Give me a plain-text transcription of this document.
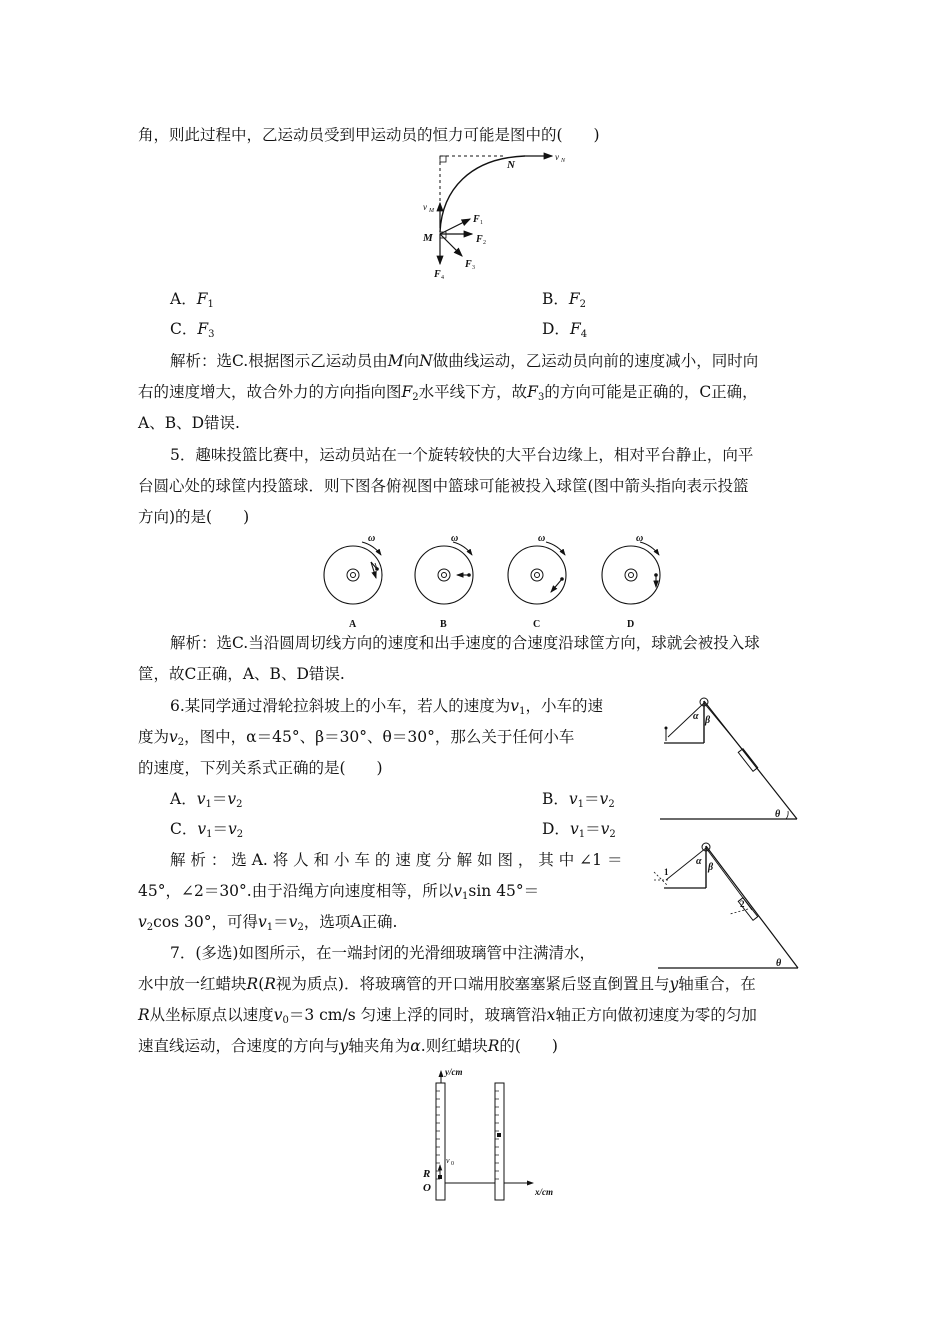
角，则此过程中，乙运动员受到甲运动员的恒力可能是图中的(　　)
v N
N
v M
M
F 1
F 2
F 3
F 4
A．$F_1$	B．$F_2$
C．$F_3$	D．$F_4$
解析：选C.根据图示乙运动员由M向N做曲线运动，乙运动员向前的速度减小，同时向
右的速度增大，故合外力的方向指向图$F_2$水平线下方，故$F_3$的方向可能是正确的，C正确，
A、B、D错误.
5．趣味投篮比赛中，运动员站在一个旋转较快的大平台边缘上，相对平台静止，向平
台圆心处的球筐内投篮球．则下图各俯视图中篮球可能被投入球筐(图中箭头指向表示投篮
方向)的是(　　)
ω
A
ω
B
ω
C
ω
D
解析：选C.当沿圆周切线方向的速度和出手速度的合速度沿球筐方向，球就会被投入球
筐，故C正确，A、B、D错误.
6.某同学通过滑轮拉斜坡上的小车，若人的速度为$v_1$，小车的速
度为$v_2$，图中，α＝45°、β＝30°、θ＝30°，那么关于任何小车
的速度，下列关系式正确的是(　　)
A．$v_1=v_2$	B．$v_1=v_2$
C．$v_1=v_2$	D．$v_1=v_2$
解 析 ： 选 A. 将 人 和 小 车 的 速 度 分 解 如 图 ， 其 中 ∠1 ＝
45°，∠2＝30°.由于沿绳方向速度相等，所以$v_1\sin$ 45°＝
$v_2\cos$ 30°，可得$v_1=v_2$，选项A正确.
α β
θ
α
β
1
2
θ
7．(多选)如图所示，在一端封闭的光滑细玻璃管中注满清水，
水中放一红蜡块R(R视为质点)．将玻璃管的开口端用胶塞塞紧后竖直倒置且与y轴重合，在
R从坐标原点以速度$v_0=3$ cm/s 匀速上浮的同时，玻璃管沿x轴正方向做初速度为零的匀加
速直线运动，合速度的方向与y轴夹角为α.则红蜡块R的(　　)
y/cm
x/cm
v 0
R
O
